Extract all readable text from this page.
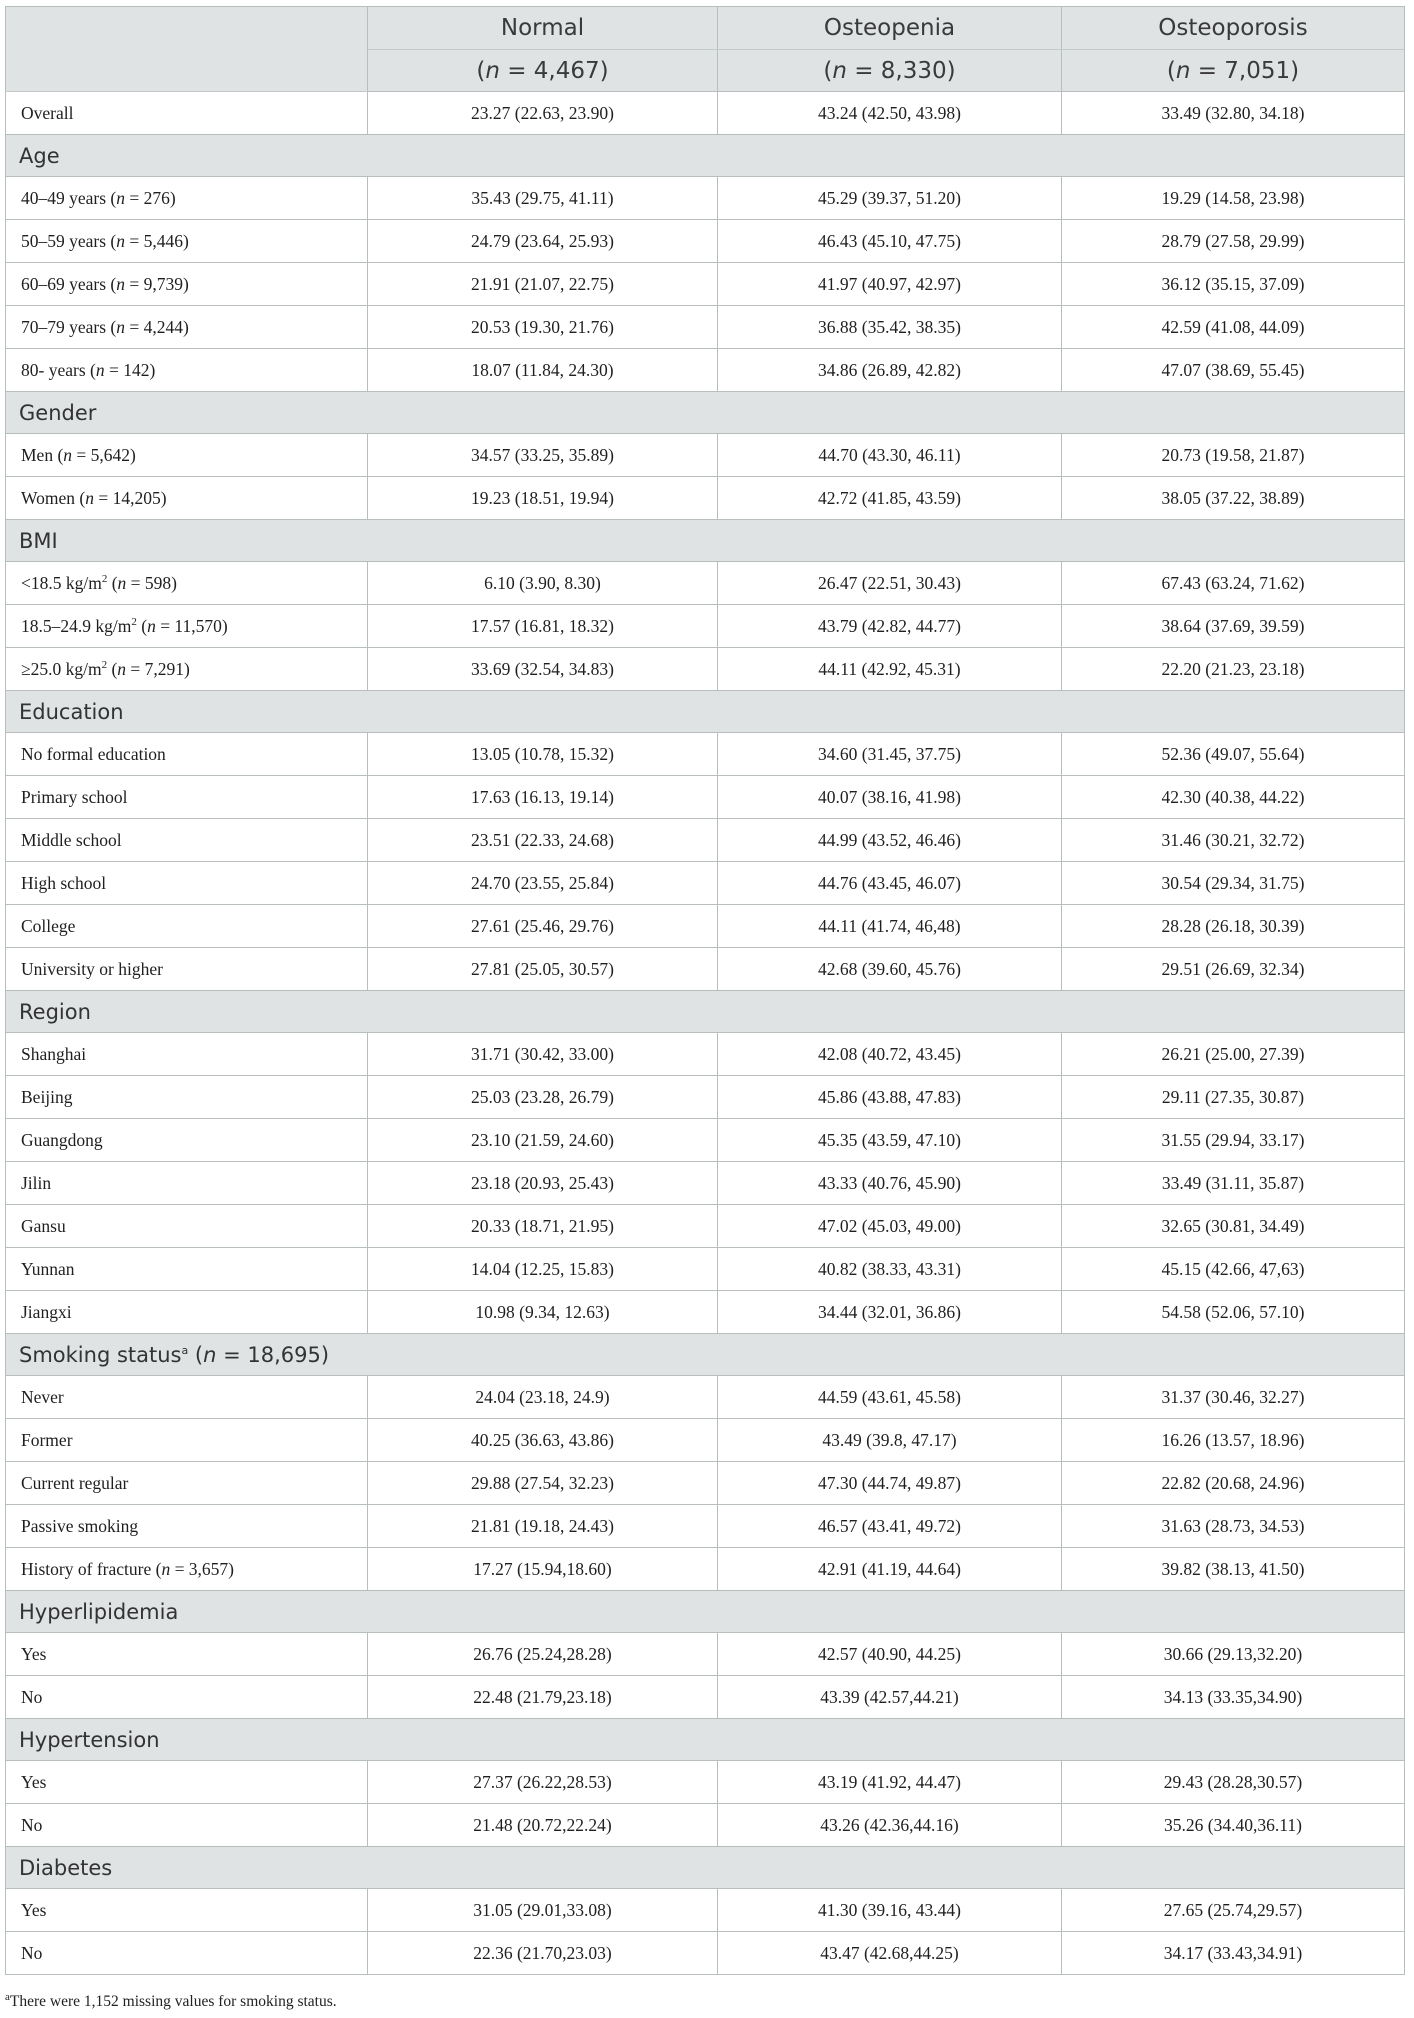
	Normal	Osteopenia	Osteoporosis
	(n = 4,467)	(n = 8,330)	(n = 7,051)
Overall	23.27 (22.63, 23.90)	43.24 (42.50, 43.98)	33.49 (32.80, 34.18)
Age			
40–49 years (n = 276)	35.43 (29.75, 41.11)	45.29 (39.37, 51.20)	19.29 (14.58, 23.98)
50–59 years (n = 5,446)	24.79 (23.64, 25.93)	46.43 (45.10, 47.75)	28.79 (27.58, 29.99)
60–69 years (n = 9,739)	21.91 (21.07, 22.75)	41.97 (40.97, 42.97)	36.12 (35.15, 37.09)
70–79 years (n = 4,244)	20.53 (19.30, 21.76)	36.88 (35.42, 38.35)	42.59 (41.08, 44.09)
80- years (n = 142)	18.07 (11.84, 24.30)	34.86 (26.89, 42.82)	47.07 (38.69, 55.45)
Gender			
Men (n = 5,642)	34.57 (33.25, 35.89)	44.70 (43.30, 46.11)	20.73 (19.58, 21.87)
Women (n = 14,205)	19.23 (18.51, 19.94)	42.72 (41.85, 43.59)	38.05 (37.22, 38.89)
BMI			
<18.5 $kg/m^2$ (n = 598)	6.10 (3.90, 8.30)	26.47 (22.51, 30.43)	67.43 (63.24, 71.62)
18.5–24.9 $kg/m^2$ (n = 11,570)	17.57 (16.81, 18.32)	43.79 (42.82, 44.77)	38.64 (37.69, 39.59)
≥25.0 $kg/m^2$ (n = 7,291)	33.69 (32.54, 34.83)	44.11 (42.92, 45.31)	22.20 (21.23, 23.18)
Education			
No formal education	13.05 (10.78, 15.32)	34.60 (31.45, 37.75)	52.36 (49.07, 55.64)
Primary school	17.63 (16.13, 19.14)	40.07 (38.16, 41.98)	42.30 (40.38, 44.22)
Middle school	23.51 (22.33, 24.68)	44.99 (43.52, 46.46)	31.46 (30.21, 32.72)
High school	24.70 (23.55, 25.84)	44.76 (43.45, 46.07)	30.54 (29.34, 31.75)
College	27.61 (25.46, 29.76)	44.11 (41.74, 46,48)	28.28 (26.18, 30.39)
University or higher	27.81 (25.05, 30.57)	42.68 (39.60, 45.76)	29.51 (26.69, 32.34)
Region			
Shanghai	31.71 (30.42, 33.00)	42.08 (40.72, 43.45)	26.21 (25.00, 27.39)
Beijing	25.03 (23.28, 26.79)	45.86 (43.88, 47.83)	29.11 (27.35, 30.87)
Guangdong	23.10 (21.59, 24.60)	45.35 (43.59, 47.10)	31.55 (29.94, 33.17)
Jilin	23.18 (20.93, 25.43)	43.33 (40.76, 45.90)	33.49 (31.11, 35.87)
Gansu	20.33 (18.71, 21.95)	47.02 (45.03, 49.00)	32.65 (30.81, 34.49)
Yunnan	14.04 (12.25, 15.83)	40.82 (38.33, 43.31)	45.15 (42.66, 47,63)
Jiangxi	10.98 (9.34, 12.63)	34.44 (32.01, 36.86)	54.58 (52.06, 57.10)
Smoking status$^a$ (n = 18,695)			
Never	24.04 (23.18, 24.9)	44.59 (43.61, 45.58)	31.37 (30.46, 32.27)
Former	40.25 (36.63, 43.86)	43.49 (39.8, 47.17)	16.26 (13.57, 18.96)
Current regular	29.88 (27.54, 32.23)	47.30 (44.74, 49.87)	22.82 (20.68, 24.96)
Passive smoking	21.81 (19.18, 24.43)	46.57 (43.41, 49.72)	31.63 (28.73, 34.53)
History of fracture (n = 3,657)	17.27 (15.94,18.60)	42.91 (41.19, 44.64)	39.82 (38.13, 41.50)
Hyperlipidemia			
Yes	26.76 (25.24,28.28)	42.57 (40.90, 44.25)	30.66 (29.13,32.20)
No	22.48 (21.79,23.18)	43.39 (42.57,44.21)	34.13 (33.35,34.90)
Hypertension			
Yes	27.37 (26.22,28.53)	43.19 (41.92, 44.47)	29.43 (28.28,30.57)
No	21.48 (20.72,22.24)	43.26 (42.36,44.16)	35.26 (34.40,36.11)
Diabetes			
Yes	31.05 (29.01,33.08)	41.30 (39.16, 43.44)	27.65 (25.74,29.57)
No	22.36 (21.70,23.03)	43.47 (42.68,44.25)	34.17 (33.43,34.91)
$^a$There were 1,152 missing values for smoking status.
